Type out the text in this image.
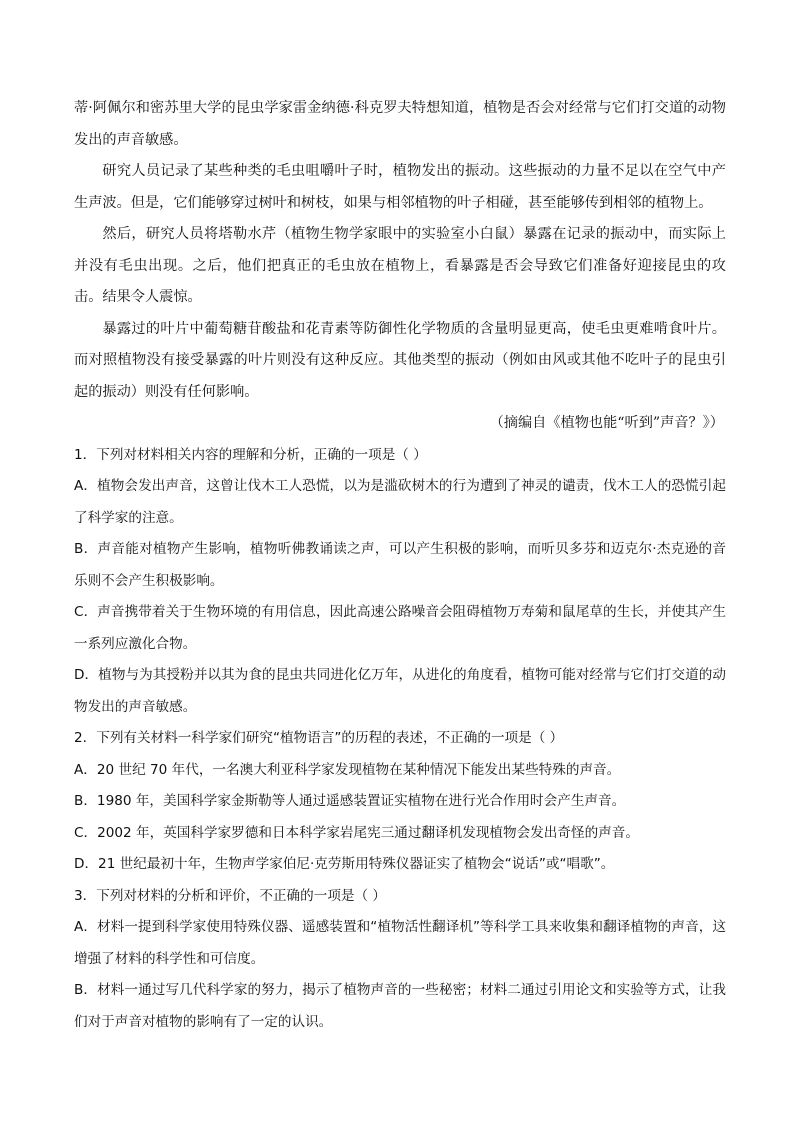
蒂·阿佩尔和密苏里大学的昆虫学家雷金纳德·科克罗夫特想知道，植物是否会对经常与它们打交道的动物发出的声音敏感。

研究人员记录了某些种类的毛虫咀嚼叶子时，植物发出的振动。这些振动的力量不足以在空气中产生声波。但是，它们能够穿过树叶和树枝，如果与相邻植物的叶子相碰，甚至能够传到相邻的植物上。

然后，研究人员将塔勒水芹（植物生物学家眼中的实验室小白鼠）暴露在记录的振动中，而实际上并没有毛虫出现。之后，他们把真正的毛虫放在植物上，看暴露是否会导致它们准备好迎接昆虫的攻击。结果令人震惊。

暴露过的叶片中葡萄糖苷酸盐和花青素等防御性化学物质的含量明显更高，使毛虫更难啃食叶片。而对照植物没有接受暴露的叶片则没有这种反应。其他类型的振动（例如由风或其他不吃叶子的昆虫引起的振动）则没有任何影响。

（摘编自《植物也能“听到”声音？》）

1．下列对材料相关内容的理解和分析，正确的一项是（ ）

A．植物会发出声音，这曾让伐木工人恐慌，以为是滥砍树木的行为遭到了神灵的谴责，伐木工人的恐慌引起了科学家的注意。

B．声音能对植物产生影响，植物听佛教诵读之声，可以产生积极的影响，而听贝多芬和迈克尔·杰克逊的音乐则不会产生积极影响。

C．声音携带着关于生物环境的有用信息，因此高速公路噪音会阻碍植物万寿菊和鼠尾草的生长，并使其产生一系列应激化合物。

D．植物与为其授粉并以其为食的昆虫共同进化亿万年，从进化的角度看，植物可能对经常与它们打交道的动物发出的声音敏感。

2．下列有关材料一科学家们研究“植物语言”的历程的表述，不正确的一项是（ ）

A．20 世纪 70 年代，一名澳大利亚科学家发现植物在某种情况下能发出某些特殊的声音。

B．1980 年，美国科学家金斯勒等人通过遥感装置证实植物在进行光合作用时会产生声音。

C．2002 年，英国科学家罗德和日本科学家岩尾宪三通过翻译机发现植物会发出奇怪的声音。

D．21 世纪最初十年，生物声学家伯尼·克劳斯用特殊仪器证实了植物会“说话”或“唱歌”。

3．下列对材料的分析和评价，不正确的一项是（ ）

A．材料一提到科学家使用特殊仪器、遥感装置和“植物活性翻译机”等科学工具来收集和翻译植物的声音，这增强了材料的科学性和可信度。

B．材料一通过写几代科学家的努力，揭示了植物声音的一些秘密；材料二通过引用论文和实验等方式，让我们对于声音对植物的影响有了一定的认识。
